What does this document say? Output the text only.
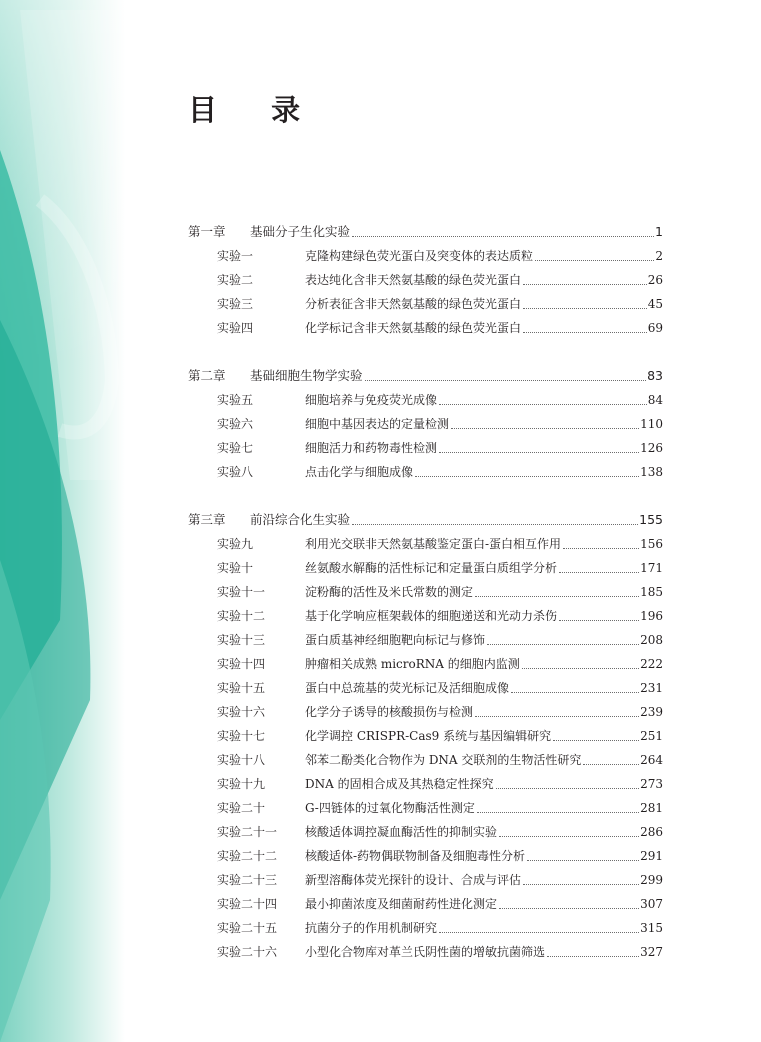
目 录
第一章	基础分子生化实验	1
实验一	克隆构建绿色荧光蛋白及突变体的表达质粒	2
实验二	表达纯化含非天然氨基酸的绿色荧光蛋白	26
实验三	分析表征含非天然氨基酸的绿色荧光蛋白	45
实验四	化学标记含非天然氨基酸的绿色荧光蛋白	69
第二章	基础细胞生物学实验	83
实验五	细胞培养与免疫荧光成像	84
实验六	细胞中基因表达的定量检测	110
实验七	细胞活力和药物毒性检测	126
实验八	点击化学与细胞成像	138
第三章	前沿综合化生实验	155
实验九	利用光交联非天然氨基酸鉴定蛋白-蛋白相互作用	156
实验十	丝氨酸水解酶的活性标记和定量蛋白质组学分析	171
实验十一	淀粉酶的活性及米氏常数的测定	185
实验十二	基于化学响应框架载体的细胞递送和光动力杀伤	196
实验十三	蛋白质基神经细胞靶向标记与修饰	208
实验十四	肿瘤相关成熟 microRNA 的细胞内监测	222
实验十五	蛋白中总巯基的荧光标记及活细胞成像	231
实验十六	化学分子诱导的核酸损伤与检测	239
实验十七	化学调控 CRISPR-Cas9 系统与基因编辑研究	251
实验十八	邻苯二酚类化合物作为 DNA 交联剂的生物活性研究	264
实验十九	DNA 的固相合成及其热稳定性探究	273
实验二十	G-四链体的过氧化物酶活性测定	281
实验二十一	核酸适体调控凝血酶活性的抑制实验	286
实验二十二	核酸适体-药物偶联物制备及细胞毒性分析	291
实验二十三	新型溶酶体荧光探针的设计、合成与评估	299
实验二十四	最小抑菌浓度及细菌耐药性进化测定	307
实验二十五	抗菌分子的作用机制研究	315
实验二十六	小型化合物库对革兰氏阴性菌的增敏抗菌筛选	327
